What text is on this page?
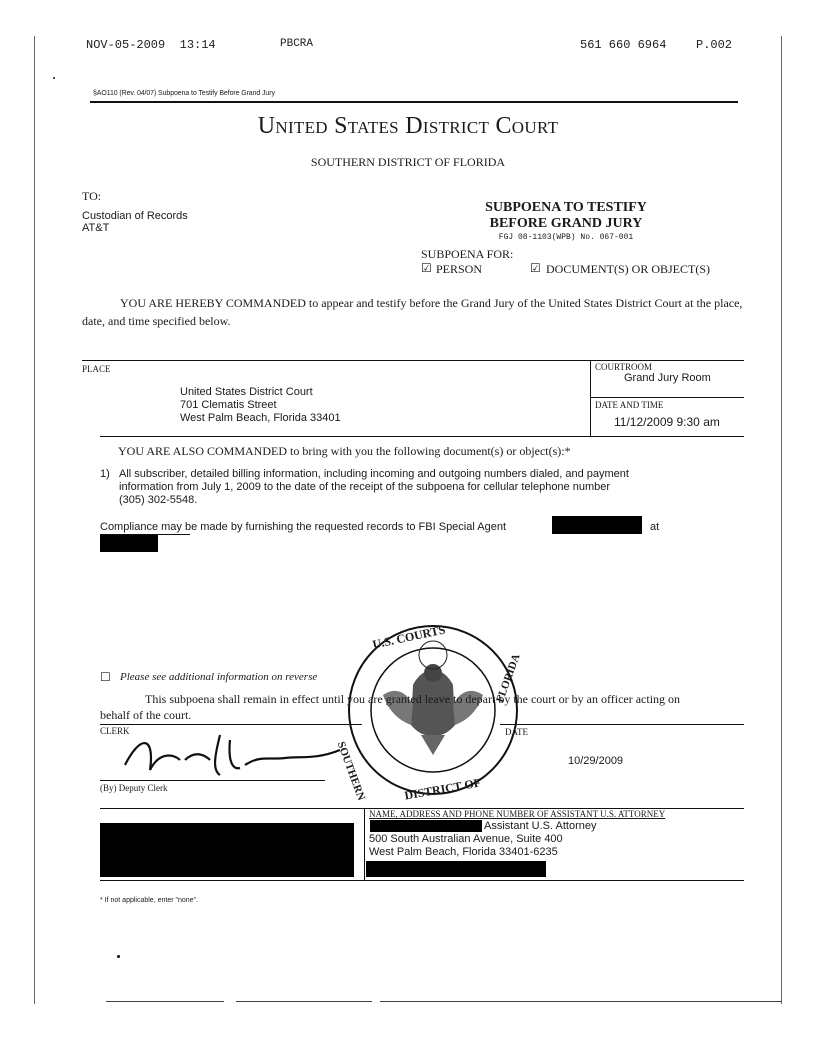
NOV-05-2009  13:14	PBCRA	561 660 6964 P.002
§AO110 (Rev. 04/07) Subpoena to Testify Before Grand Jury
United States District Court
SOUTHERN DISTRICT OF FLORIDA
TO:
Custodian of Records
AT&T
SUBPOENA TO TESTIFY
BEFORE GRAND JURY
FGJ 08-1103(WPB) No. 067-001
SUBPOENA FOR:
☑ PERSON	☑ DOCUMENT(S) OR OBJECT(S)
YOU ARE HEREBY COMMANDED to appear and testify before the Grand Jury of the United States District Court at the place, date, and time specified below.
PLACE
United States District Court
701 Clematis Street
West Palm Beach, Florida 33401
COURTROOM
Grand Jury Room
DATE AND TIME
11/12/2009 9:30 am
YOU ARE ALSO COMMANDED to bring with you the following document(s) or object(s):*
1) All subscriber, detailed billing information, including incoming and outgoing numbers dialed, and payment
information from July 1, 2009 to the date of the receipt of the subpoena for cellular telephone number
(305) 302-5548.
Compliance may be made by furnishing the requested records to FBI Special Agent	at
U.S. COURTS
SOUTHERN	DISTRICT OF
FLORIDA
☐ Please see additional information on reverse
This subpoena shall remain in effect until you are granted leave to depart by the court or by an officer acting on
behalf of the court.
CLERK
(By) Deputy Clerk
DATE
10/29/2009
NAME, ADDRESS AND PHONE NUMBER OF ASSISTANT U.S. ATTORNEY
Assistant U.S. Attorney
500 South Australian Avenue, Suite 400
West Palm Beach, Florida 33401-6235
* If not applicable, enter "none".
